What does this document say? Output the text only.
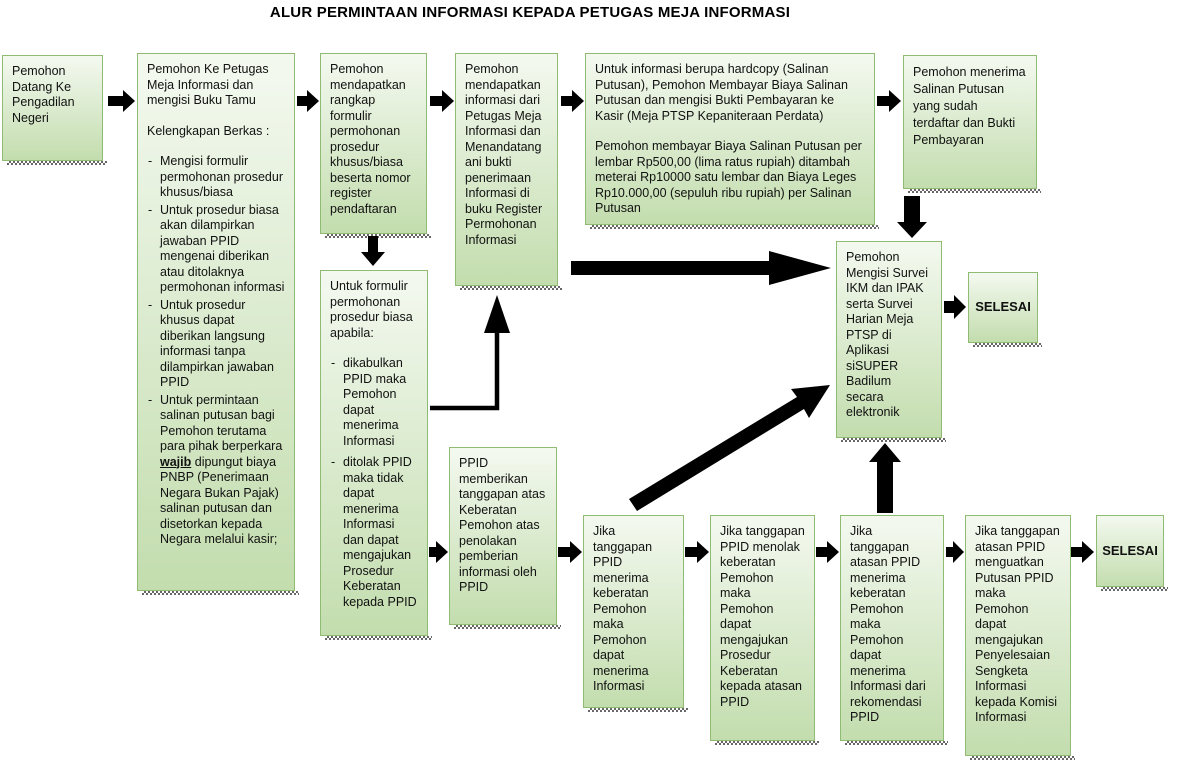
ALUR PERMINTAAN INFORMASI KEPADA PETUGAS MEJA INFORMASI
Pemohon Datang Ke Pengadilan Negeri
Pemohon Ke Petugas Meja Informasi dan mengisi Buku Tamu
Kelengkapan Berkas :
- Mengisi formulir permohonan prosedur khusus/biasa
- Untuk prosedur biasa akan dilampirkan jawaban PPID mengenai diberikan atau ditolaknya permohonan informasi
- Untuk prosedur khusus dapat diberikan langsung informasi tanpa dilampirkan jawaban PPID
- Untuk permintaan salinan putusan bagi Pemohon terutama para pihak berperkara wajib dipungut biaya PNBP (Penerimaan Negara Bukan Pajak) salinan putusan dan disetorkan kepada Negara melalui kasir;
Pemohon mendapatkan rangkap formulir permohonan prosedur khusus/biasa beserta nomor register pendaftaran
Untuk formulir permohonan prosedur biasa apabila:
- dikabulkan PPID maka Pemohon dapat menerima Informasi
- ditolak PPID maka tidak dapat menerima Informasi dan dapat mengajukan Prosedur Keberatan kepada PPID
Pemohon mendapatkan informasi dari Petugas Meja Informasi dan Menandatangani bukti penerimaan Informasi di buku Register Permohonan Informasi
Untuk informasi berupa hardcopy (Salinan Putusan), Pemohon Membayar Biaya Salinan Putusan dan mengisi Bukti Pembayaran ke Kasir (Meja PTSP Kepaniteraan Perdata)
Pemohon membayar Biaya Salinan Putusan per lembar Rp500,00 (lima ratus rupiah) ditambah meterai Rp10000 satu lembar dan Biaya Leges Rp10.000,00 (sepuluh ribu rupiah) per Salinan Putusan
Pemohon menerima Salinan Putusan yang sudah terdaftar dan Bukti Pembayaran
Pemohon Mengisi Survei IKM dan IPAK serta Survei Harian Meja PTSP di Aplikasi siSUPER Badilum secara elektronik
SELESAI
PPID memberikan tanggapan atas Keberatan Pemohon atas penolakan pemberian informasi oleh PPID
Jika tanggapan PPID menerima keberatan Pemohon maka Pemohon dapat menerima Informasi
Jika tanggapan PPID menolak keberatan Pemohon maka Pemohon dapat mengajukan Prosedur Keberatan kepada atasan PPID
Jika tanggapan atasan PPID menerima keberatan Pemohon maka Pemohon dapat menerima Informasi dari rekomendasi PPID
Jika tanggapan atasan PPID menguatkan Putusan PPID maka Pemohon dapat mengajukan Penyelesaian Sengketa Informasi kepada Komisi Informasi
SELESAI
